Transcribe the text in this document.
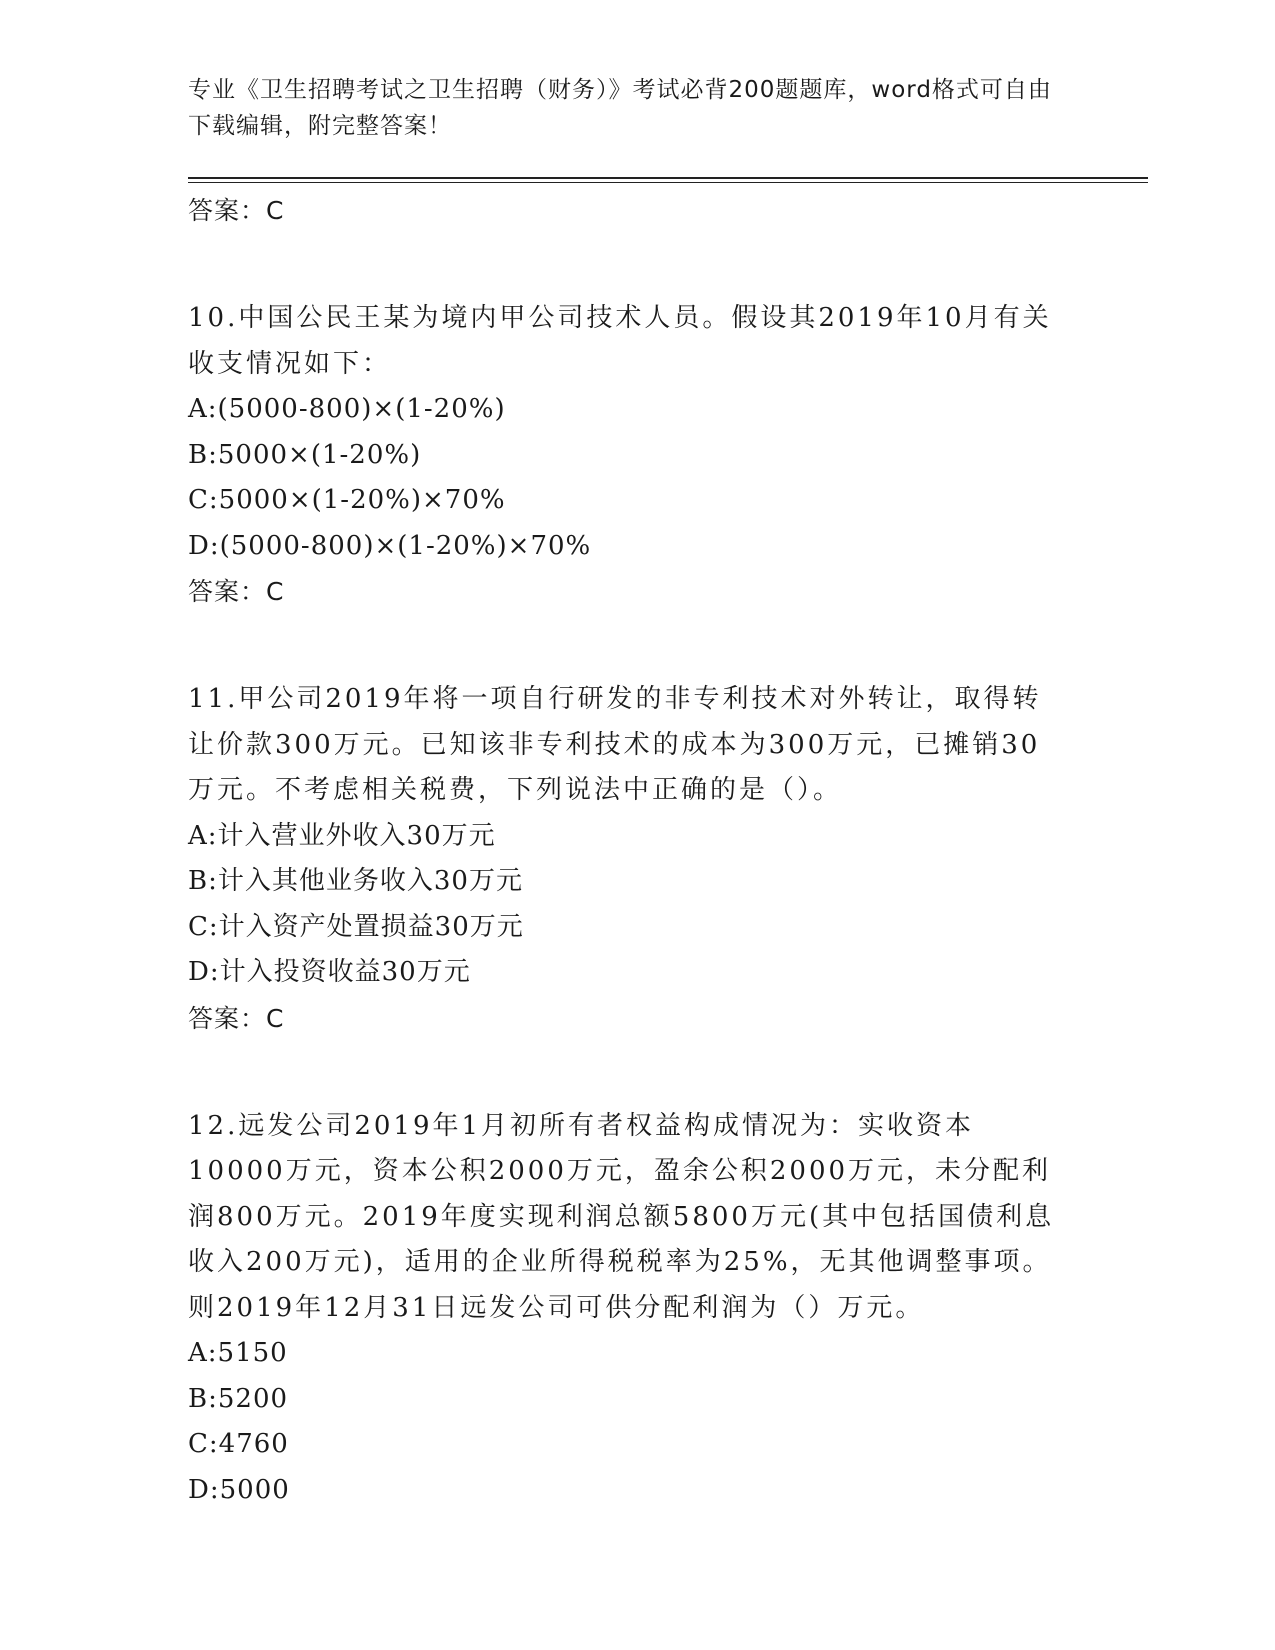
专业《卫生招聘考试之卫生招聘（财务）》考试必背200题题库，word格式可自由下载编辑，附完整答案！
答案：C
10.中国公民王某为境内甲公司技术人员。假设其2019年10月有关收支情况如下：
A:(5000-800)×(1-20%)
B:5000×(1-20%)
C:5000×(1-20%)×70%
D:(5000-800)×(1-20%)×70%
答案：C
11.甲公司2019年将一项自行研发的非专利技术对外转让，取得转让价款300万元。已知该非专利技术的成本为300万元，已摊销30万元。不考虑相关税费，下列说法中正确的是（）。
A:计入营业外收入30万元
B:计入其他业务收入30万元
C:计入资产处置损益30万元
D:计入投资收益30万元
答案：C
12.远发公司2019年1月初所有者权益构成情况为：实收资本10000万元，资本公积2000万元，盈余公积2000万元，未分配利润800万元。2019年度实现利润总额5800万元(其中包括国债利息收入200万元)，适用的企业所得税税率为25%，无其他调整事项。则2019年12月31日远发公司可供分配利润为（）万元。
A:5150
B:5200
C:4760
D:5000
